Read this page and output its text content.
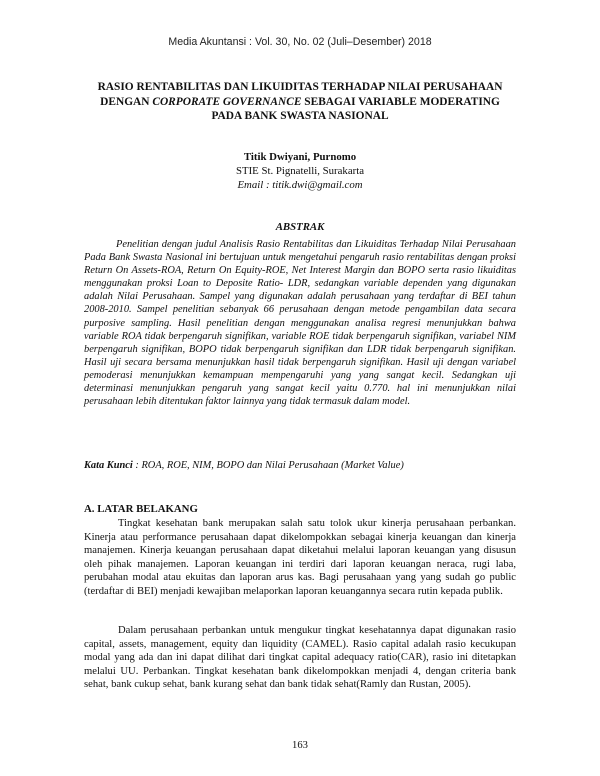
Media Akuntansi : Vol. 30, No. 02 (Juli–Desember) 2018
RASIO RENTABILITAS DAN LIKUIDITAS TERHADAP NILAI PERUSAHAAN
DENGAN CORPORATE GOVERNANCE SEBAGAI VARIABLE MODERATING
PADA BANK SWASTA NASIONAL
Titik Dwiyani, Purnomo
STIE St. Pignatelli, Surakarta
Email : titik.dwi@gmail.com
ABSTRAK

Penelitian dengan judul Analisis Rasio Rentabilitas dan Likuiditas Terhadap Nilai Perusahaan Pada Bank Swasta Nasional ini bertujuan untuk mengetahui pengaruh rasio rentabilitas dengan proksi Return On Assets-ROA, Return On Equity-ROE, Net Interest Margin dan BOPO serta rasio likuiditas menggunakan proksi Loan to Deposite Ratio- LDR, sedangkan variable dependen yang digunakan adalah Nilai Perusahaan. Sampel yang digunakan adalah perusahaan yang terdaftar di BEI tahun 2008-2010. Sampel penelitian sebanyak 66 perusahaan dengan metode pengambilan data secara purposive sampling. Hasil penelitian dengan menggunakan analisa regresi menunjukkan bahwa variable ROA tidak berpengaruh signifikan, variable ROE tidak berpengaruh signifikan, variabel NIM berpengaruh signifikan, BOPO tidak berpengaruh signifikan dan LDR tidak berpengaruh signifikan. Hasil uji secara bersama menunjukkan hasil tidak berpengaruh signifikan. Hasil uji dengan variabel pemoderasi menunjukkan kemampuan mempengaruhi yang yang sangat kecil. Sedangkan uji determinasi menunjukkan pengaruh yang sangat kecil yaitu 0.770. hal ini menunjukkan nilai perusahaan lebih ditentukan faktor lainnya yang tidak termasuk dalam model.

Kata Kunci : ROA, ROE, NIM, BOPO dan Nilai Perusahaan (Market Value)

A. LATAR BELAKANG

Tingkat kesehatan bank merupakan salah satu tolok ukur kinerja perusahaan perbankan. Kinerja atau performance perusahaan dapat dikelompokkan sebagai kinerja keuangan dan kinerja manajemen. Kinerja keuangan perusahaan dapat diketahui melalui laporan keuangan yang disusun oleh pihak manajemen. Laporan keuangan ini terdiri dari laporan keuangan neraca, rugi laba, perubahan modal atau ekuitas dan laporan arus kas. Bagi perusahaan yang yang sudah go public (terdaftar di BEI) menjadi kewajiban melaporkan laporan keuangannya secara rutin kepada publik.

Dalam perusahaan perbankan untuk mengukur tingkat kesehatannya dapat digunakan rasio capital, assets, management, equity dan liquidity (CAMEL). Rasio capital adalah rasio kecukupan modal yang ada dan ini dapat dilihat dari tingkat capital adequacy ratio(CAR), rasio ini ditetapkan melalui UU. Perbankan. Tingkat kesehatan bank dikelompokkan menjadi 4, dengan criteria bank sehat, bank cukup sehat, bank kurang sehat dan bank tidak sehat(Ramly dan Rustan, 2005).

163
